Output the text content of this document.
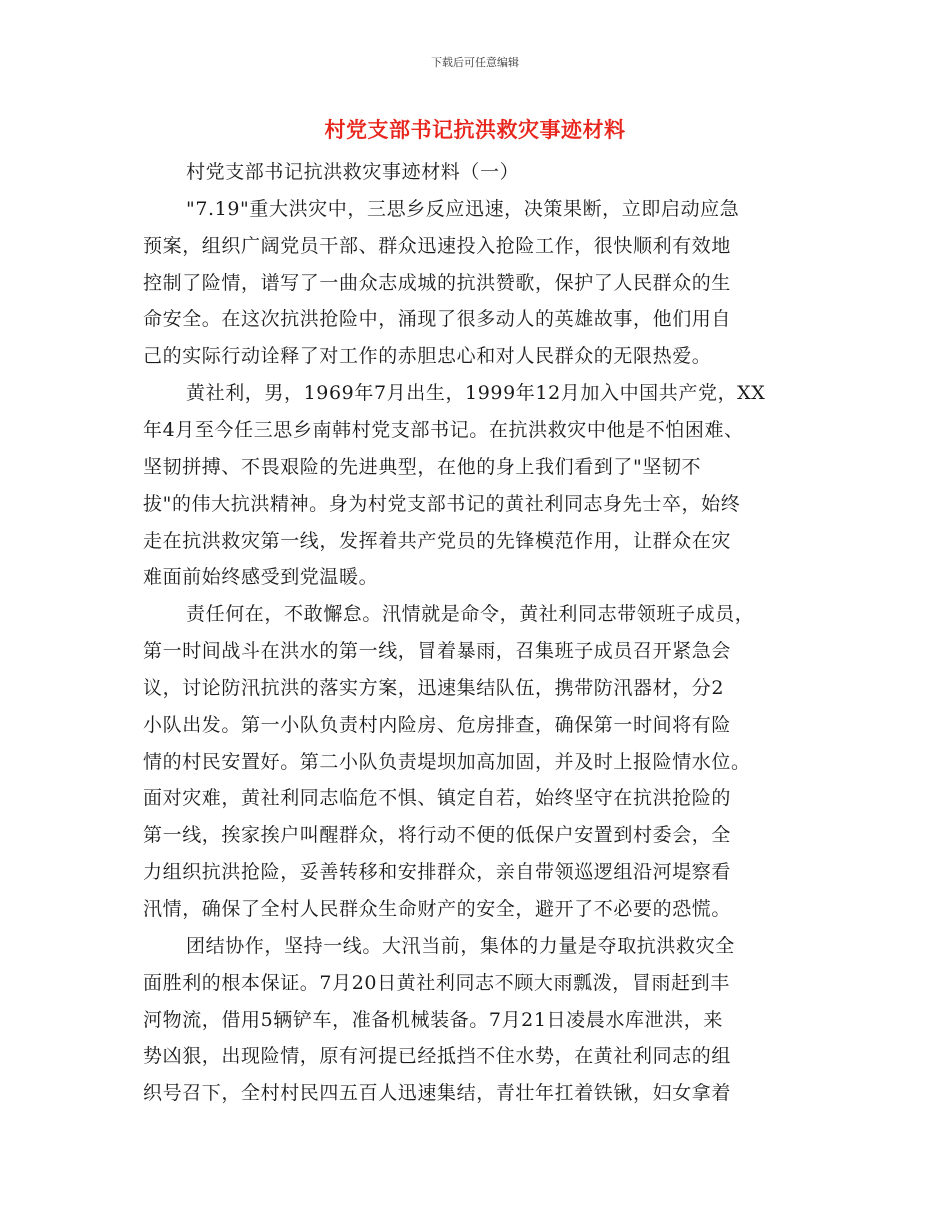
下载后可任意编辑
村党支部书记抗洪救灾事迹材料
村党支部书记抗洪救灾事迹材料（一）
"7.19"重大洪灾中，三思乡反应迅速，决策果断，立即启动应急
预案，组织广阔党员干部、群众迅速投入抢险工作，很快顺利有效地
控制了险情，谱写了一曲众志成城的抗洪赞歌，保护了人民群众的生
命安全。在这次抗洪抢险中，涌现了很多动人的英雄故事，他们用自
己的实际行动诠释了对工作的赤胆忠心和对人民群众的无限热爱。
黄社利，男，1969年7月出生，1999年12月加入中国共产党，XX
年4月至今任三思乡南韩村党支部书记。在抗洪救灾中他是不怕困难、
坚韧拼搏、不畏艰险的先进典型，在他的身上我们看到了"坚韧不
拔"的伟大抗洪精神。身为村党支部书记的黄社利同志身先士卒，始终
走在抗洪救灾第一线，发挥着共产党员的先锋模范作用，让群众在灾
难面前始终感受到党温暖。
责任何在，不敢懈怠。汛情就是命令，黄社利同志带领班子成员，
第一时间战斗在洪水的第一线，冒着暴雨，召集班子成员召开紧急会
议，讨论防汛抗洪的落实方案，迅速集结队伍，携带防汛器材，分2
小队出发。第一小队负责村内险房、危房排查，确保第一时间将有险
情的村民安置好。第二小队负责堤坝加高加固，并及时上报险情水位。
面对灾难，黄社利同志临危不惧、镇定自若，始终坚守在抗洪抢险的
第一线，挨家挨户叫醒群众，将行动不便的低保户安置到村委会，全
力组织抗洪抢险，妥善转移和安排群众，亲自带领巡逻组沿河堤察看
汛情，确保了全村人民群众生命财产的安全，避开了不必要的恐慌。
团结协作，坚持一线。大汛当前，集体的力量是夺取抗洪救灾全
面胜利的根本保证。7月20日黄社利同志不顾大雨瓢泼，冒雨赶到丰
河物流，借用5辆铲车，准备机械装备。7月21日凌晨水库泄洪，来
势凶狠，出现险情，原有河提已经抵挡不住水势，在黄社利同志的组
织号召下，全村村民四五百人迅速集结，青壮年扛着铁锹，妇女拿着
